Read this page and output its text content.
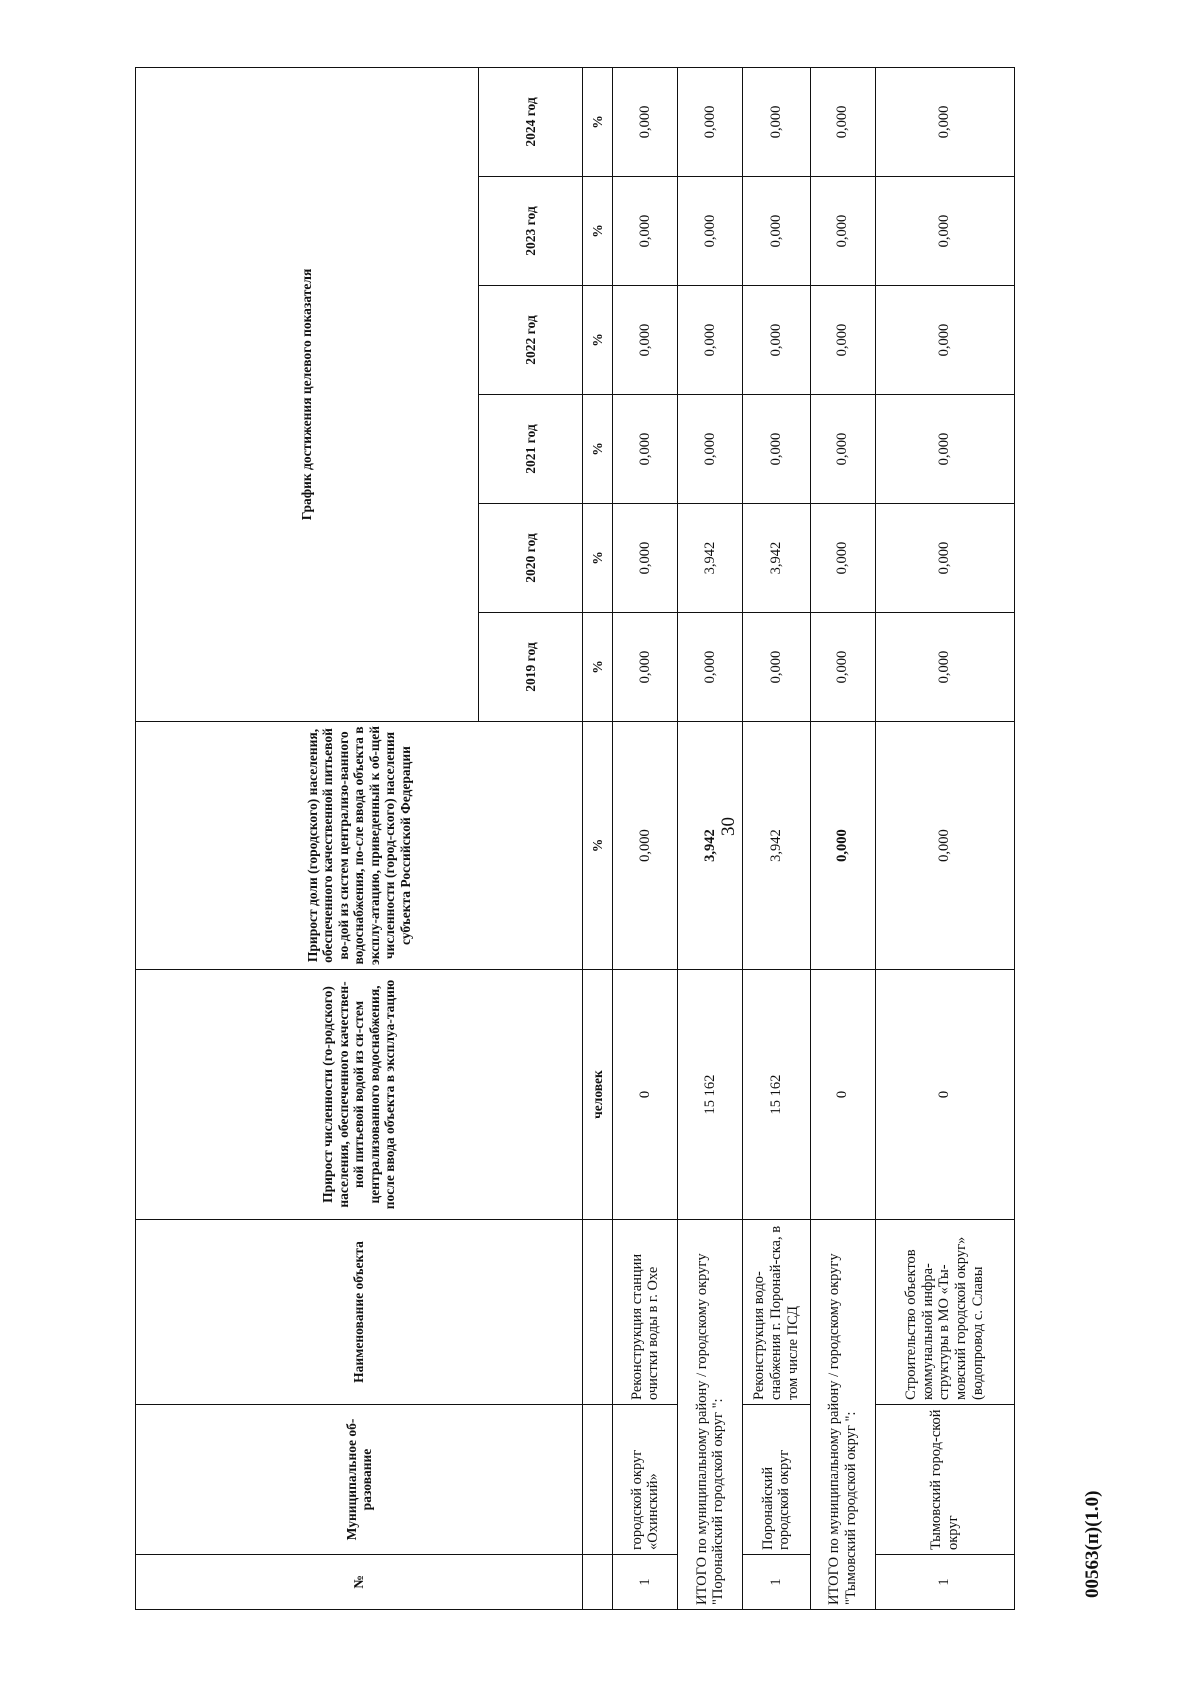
30
00563(п)(1.0)
№	Муниципальное об-разование	Наименование объекта	Прирост численности (го-родского) населения, обеспеченного качествен-ной питьевой водой из си-стем централизованного водоснабжения, после ввода объекта в эксплуа-тацию	Прирост доли (городского) населения, обеспеченного качественной питьевой во-дой из систем централизо-ванного водоснабжения, по-сле ввода объекта в эксплу-атацию, приведенный к об-щей численности (город-ского) населения субъекта Российской Федерации	График достижения целевого показателя					
					2019 год	2020 год	2021 год	2022 год	2023 год	2024 год
			человек	%	%	%	%	%	%	%
1	городской округ «Охинский»	Реконструкция станции очистки воды в г. Охе	0	0,000	0,000	0,000	0,000	0,000	0,000	0,000
ИТОГО по муниципальному району / городскому округу "Поронайский городской округ ":			15 162	3,942	0,000	3,942	0,000	0,000	0,000	0,000
1	Поронайский городской округ	Реконструкция водо-снабжения г. Поронай-ска, в том числе ПСД	15 162	3,942	0,000	3,942	0,000	0,000	0,000	0,000
ИТОГО по муниципальному району / городскому округу "Тымовский городской округ ":			0	0,000	0,000	0,000	0,000	0,000	0,000	0,000
1	Тымовский город-ской округ	Строительство объектов коммунальной инфра-структуры в МО «Ты-мовский городской округ» (водопровод с. Славы	0	0,000	0,000	0,000	0,000	0,000	0,000	0,000
